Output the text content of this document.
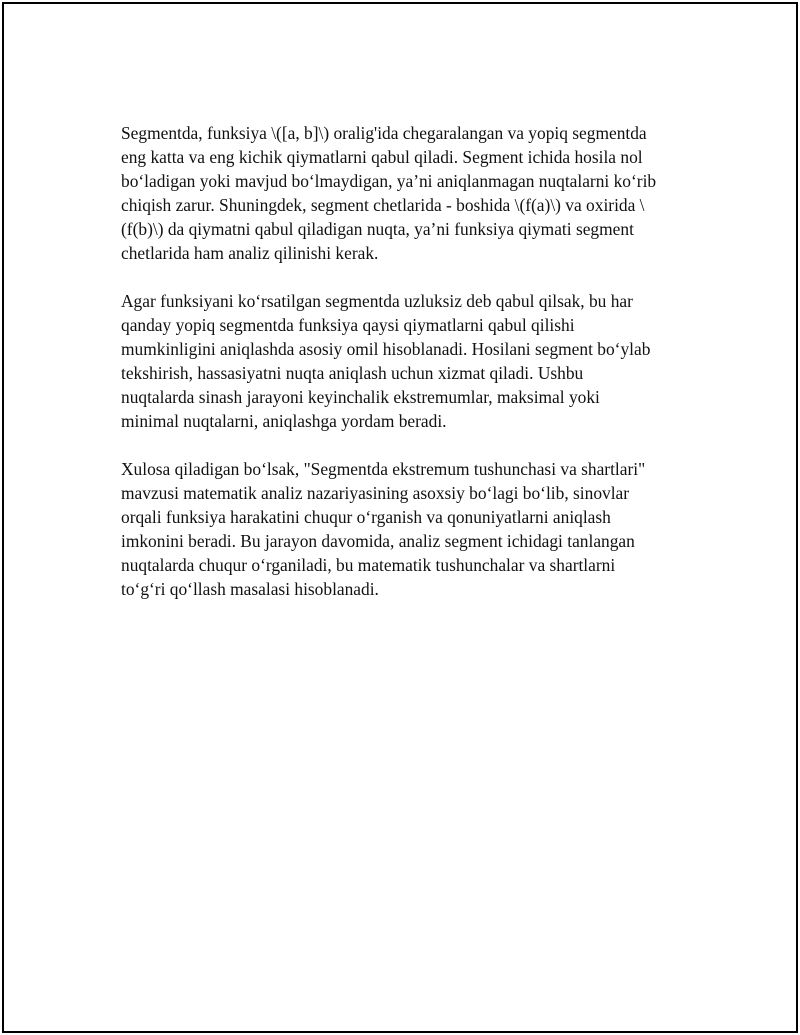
Segmentda, funksiya \([a, b]\) oralig'ida chegaralangan va yopiq segmentda
eng katta va eng kichik qiymatlarni qabul qiladi. Segment ichida hosila nol
boʻladigan yoki mavjud boʻlmaydigan, yaʼni aniqlanmagan nuqtalarni koʻrib
chiqish zarur. Shuningdek, segment chetlarida - boshida \(f(a)\) va oxirida \
(f(b)\) da qiymatni qabul qiladigan nuqta, yaʼni funksiya qiymati segment
chetlarida ham analiz qilinishi kerak.

Agar funksiyani koʻrsatilgan segmentda uzluksiz deb qabul qilsak, bu har
qanday yopiq segmentda funksiya qaysi qiymatlarni qabul qilishi
mumkinligini aniqlashda asosiy omil hisoblanadi. Hosilani segment boʻylab
tekshirish, hassasiyatni nuqta aniqlash uchun xizmat qiladi. Ushbu
nuqtalarda sinash jarayoni keyinchalik ekstremumlar, maksimal yoki
minimal nuqtalarni, aniqlashga yordam beradi.

Xulosa qiladigan boʻlsak, "Segmentda ekstremum tushunchasi va shartlari"
mavzusi matematik analiz nazariyasining asoxsiy boʻlagi boʻlib, sinovlar
orqali funksiya harakatini chuqur oʻrganish va qonuniyatlarni aniqlash
imkonini beradi. Bu jarayon davomida, analiz segment ichidagi tanlangan
nuqtalarda chuqur oʻrganiladi, bu matematik tushunchalar va shartlarni
toʻgʻri qoʻllash masalasi hisoblanadi.
